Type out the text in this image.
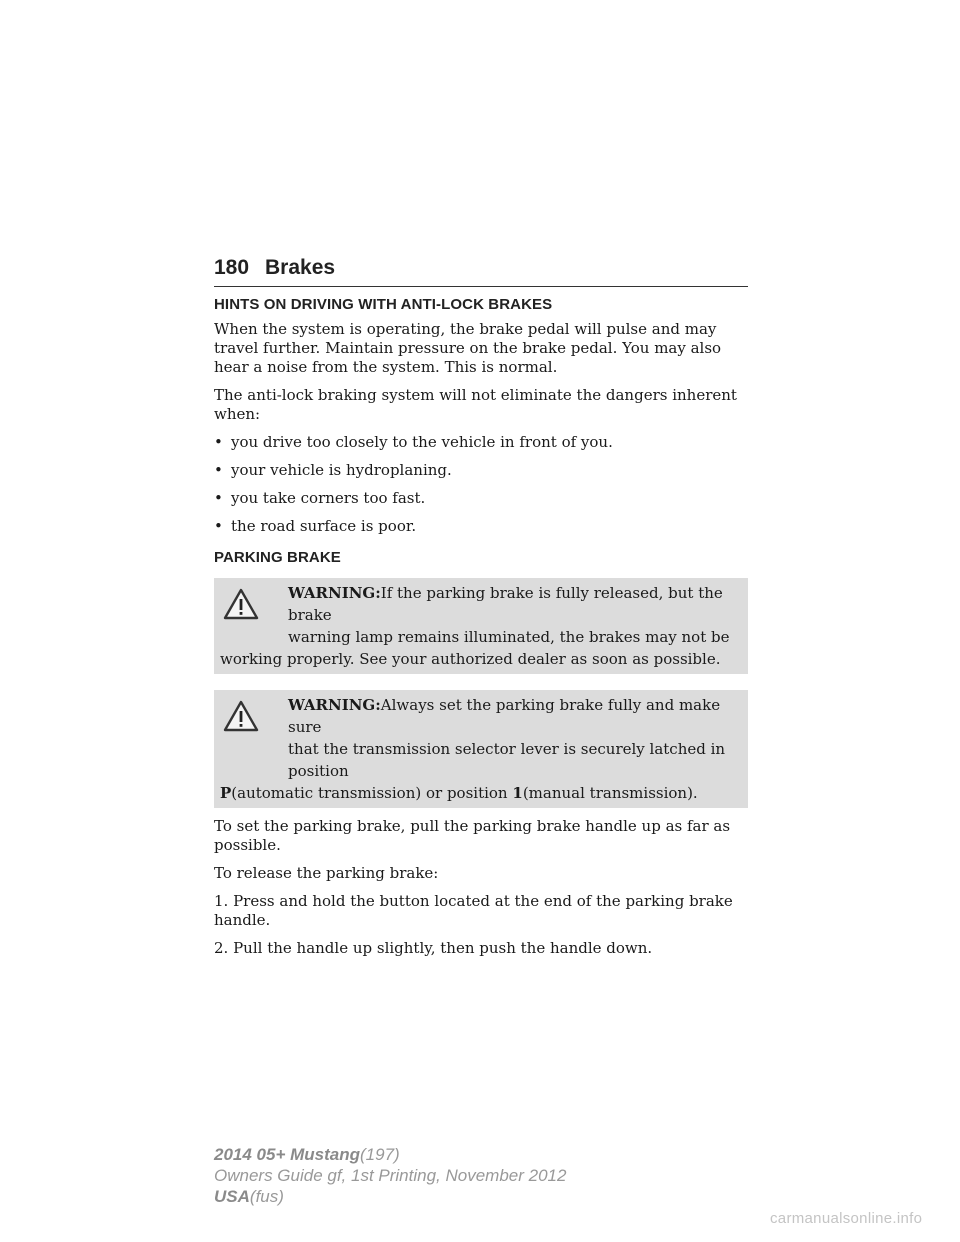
180 Brakes
HINTS ON DRIVING WITH ANTI-LOCK BRAKES

When the system is operating, the brake pedal will pulse and may travel further. Maintain pressure on the brake pedal. You may also hear a noise from the system. This is normal.

The anti-lock braking system will not eliminate the dangers inherent when:

• you drive too closely to the vehicle in front of you.
• your vehicle is hydroplaning.
• you take corners too fast.
• the road surface is poor.
PARKING BRAKE
WARNING:If the parking brake is fully released, but the brake
warning lamp remains illuminated, the brakes may not be
working properly. See your authorized dealer as soon as possible.
WARNING:Always set the parking brake fully and make sure
that the transmission selector lever is securely latched in position
P(automatic transmission) or position 1(manual transmission).

To set the parking brake, pull the parking brake handle up as far as possible.

To release the parking brake:

1. Press and hold the button located at the end of the parking brake handle.

2. Pull the handle up slightly, then push the handle down.

2014 05+ Mustang(197)
Owners Guide gf, 1st Printing, November 2012
USA(fus)
carmanualsonline.info
